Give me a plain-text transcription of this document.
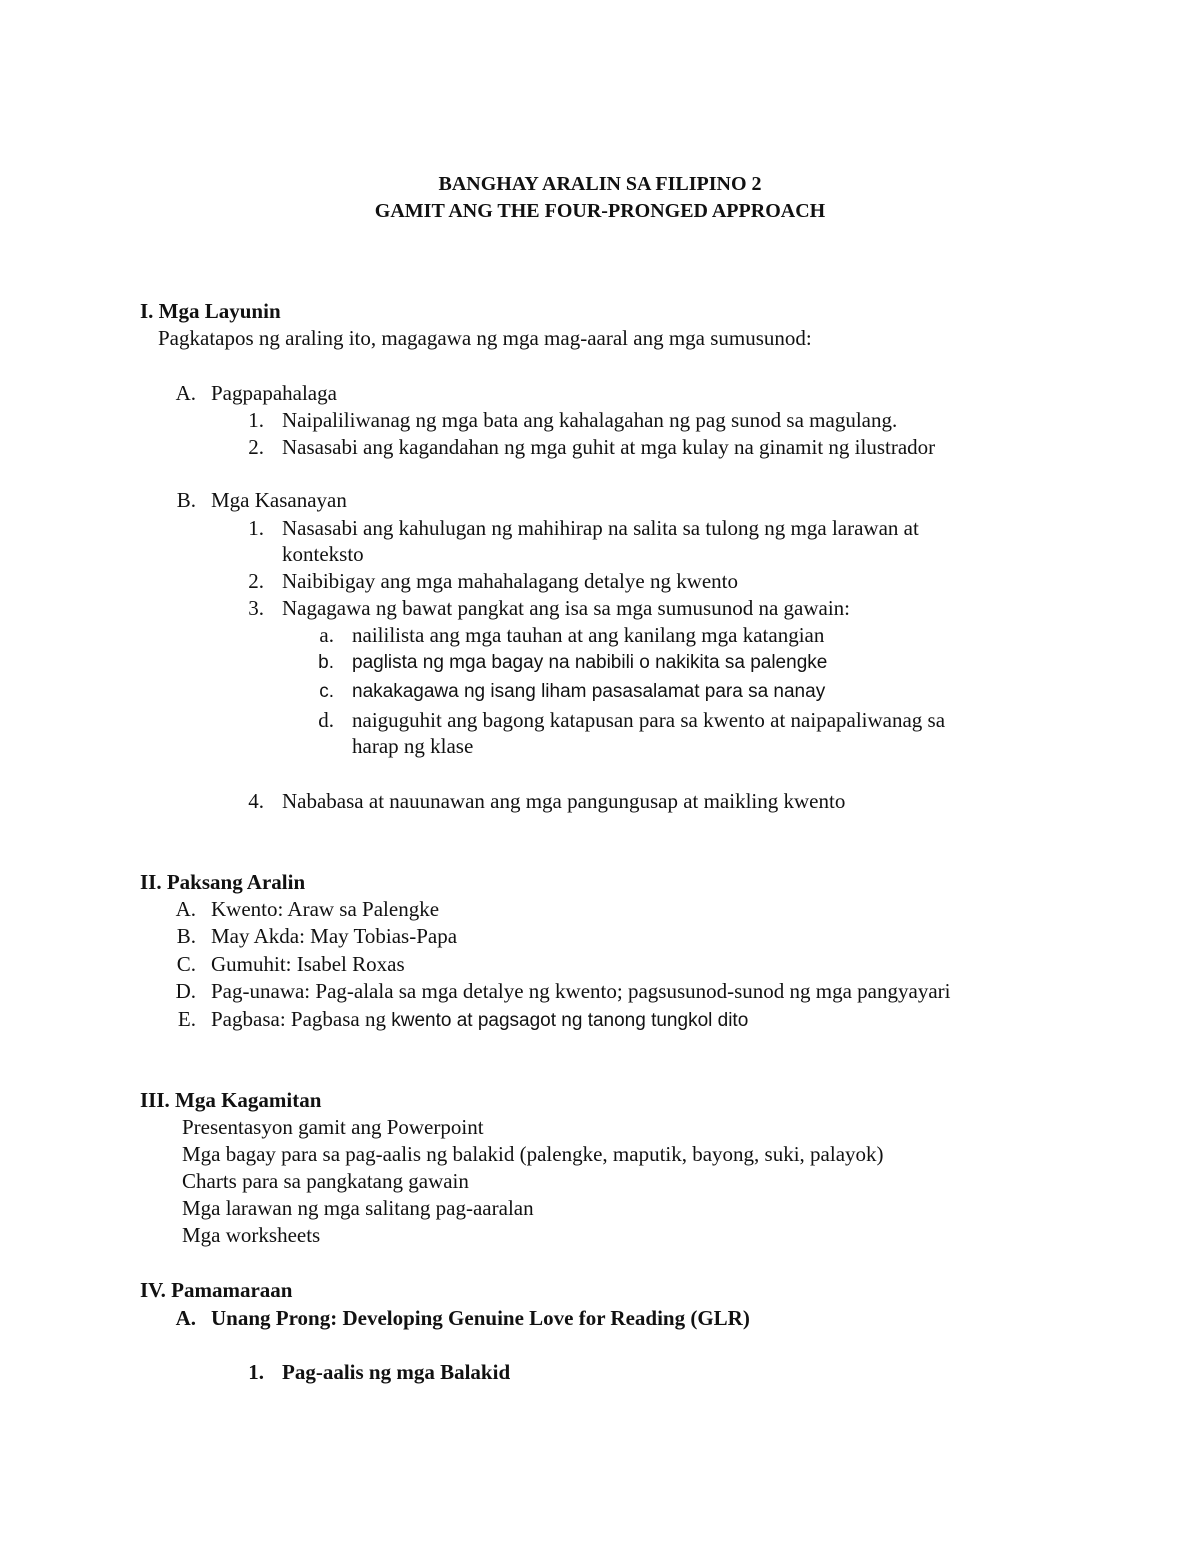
BANGHAY ARALIN SA FILIPINO 2
GAMIT ANG THE FOUR-PRONGED APPROACH
I. Mga Layunin
Pagkatapos ng araling ito, magagawa ng mga mag-aaral ang mga sumusunod:
A. Pagpapahalaga
1. Naipaliliwanag ng mga bata ang kahalagahan ng pag sunod sa magulang.
2. Nasasabi ang kagandahan ng mga guhit at mga kulay na ginamit ng ilustrador
B. Mga Kasanayan
1. Nasasabi ang kahulugan ng mahihirap na salita sa tulong ng mga larawan at
konteksto
2. Naibibigay ang mga mahahalagang detalye ng kwento
3. Nagagawa ng bawat pangkat ang isa sa mga sumusunod na gawain:
a. naililista ang mga tauhan at ang kanilang mga katangian
b. paglista ng mga bagay na nabibili o nakikita sa palengke
c. nakakagawa ng isang liham pasasalamat para sa nanay
d. naiguguhit ang bagong katapusan para sa kwento at naipapaliwanag sa
harap ng klase
4. Nababasa at nauunawan ang mga pangungusap at maikling kwento
II. Paksang Aralin
A. Kwento: Araw sa Palengke
B. May Akda: May Tobias-Papa
C. Gumuhit: Isabel Roxas
D. Pag-unawa: Pag-alala sa mga detalye ng kwento; pagsusunod-sunod ng mga pangyayari
E. Pagbasa: Pagbasa ng kwento at pagsagot ng tanong tungkol dito
III. Mga Kagamitan
Presentasyon gamit ang Powerpoint
Mga bagay para sa pag-aalis ng balakid (palengke, maputik, bayong, suki, palayok)
Charts para sa pangkatang gawain
Mga larawan ng mga salitang pag-aaralan
Mga worksheets
IV. Pamamaraan
A. Unang Prong: Developing Genuine Love for Reading (GLR)
1. Pag-aalis ng mga Balakid
